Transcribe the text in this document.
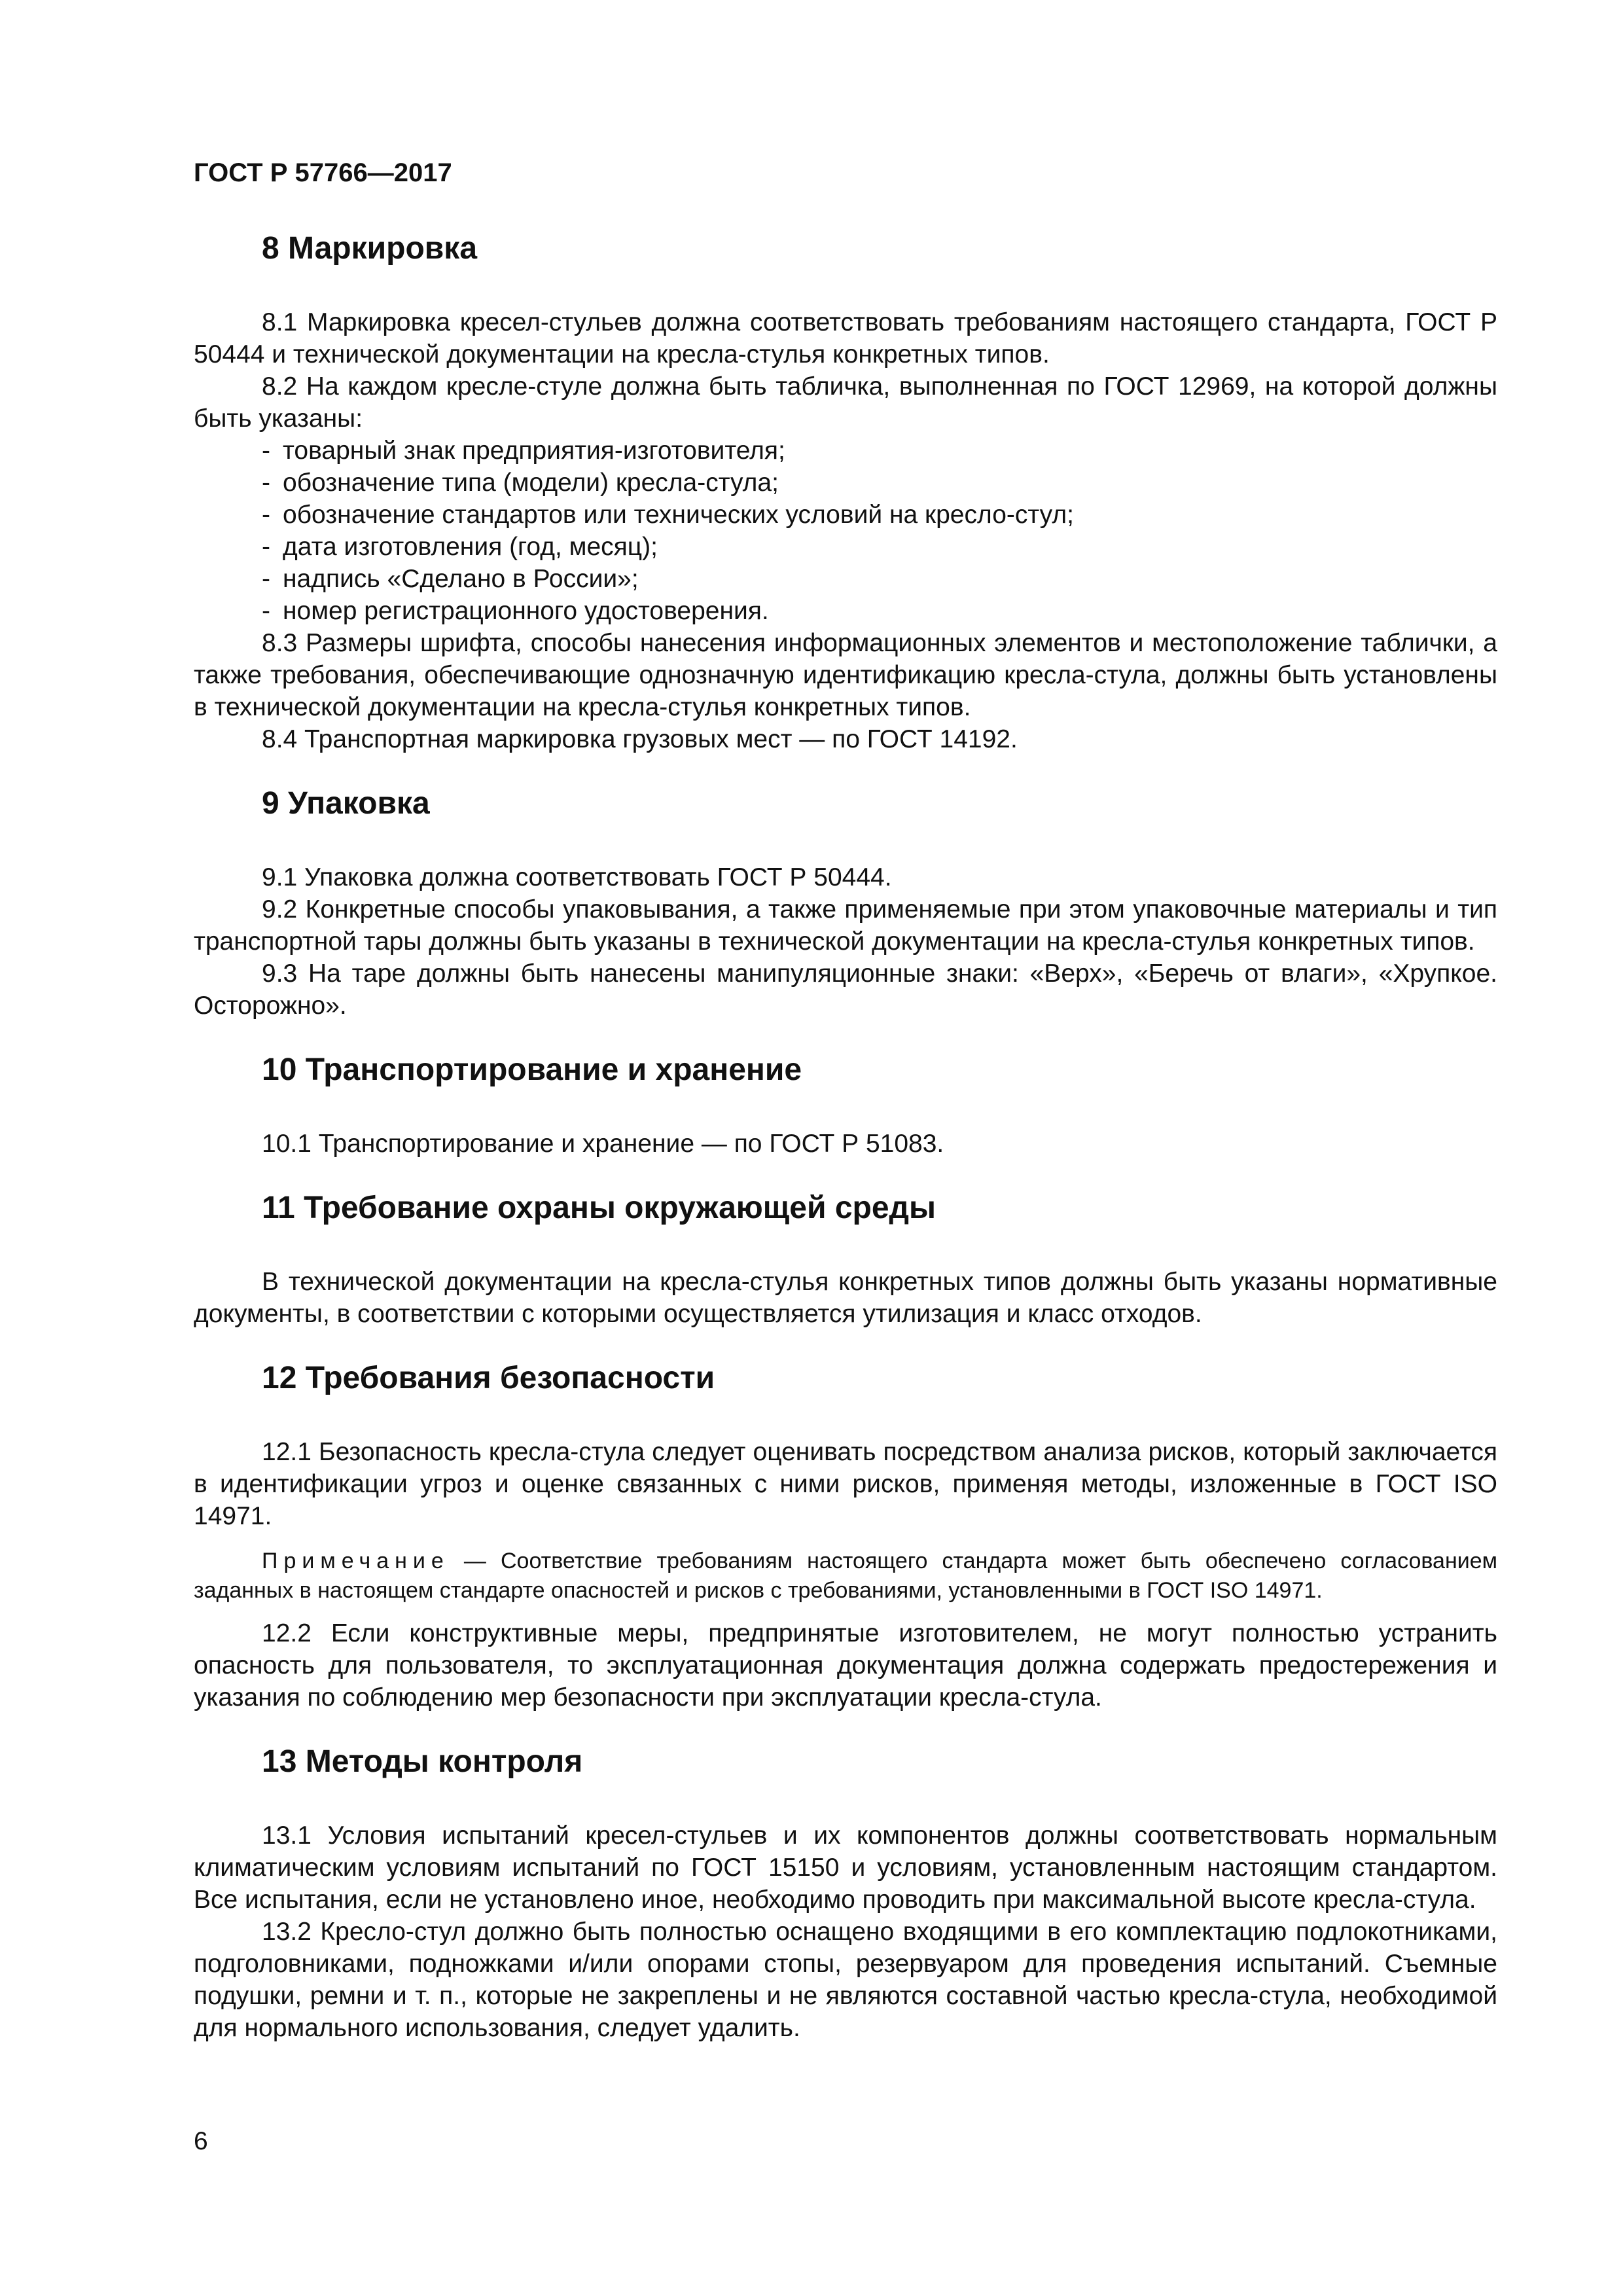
ГОСТ Р 57766—2017
8 Маркировка

8.1 Маркировка кресел-стульев должна соответствовать требованиям настоящего стандарта, ГОСТ Р 50444 и технической документации на кресла-стулья конкретных типов.

8.2 На каждом кресле-стуле должна быть табличка, выполненная по ГОСТ 12969, на которой должны быть указаны:

- товарный знак предприятия-изготовителя;
- обозначение типа (модели) кресла-стула;
- обозначение стандартов или технических условий на кресло-стул;
- дата изготовления (год, месяц);
- надпись «Сделано в России»;
- номер регистрационного удостоверения.

8.3 Размеры шрифта, способы нанесения информационных элементов и местоположение таблички, а также требования, обеспечивающие однозначную идентификацию кресла-стула, должны быть установлены в технической документации на кресла-стулья конкретных типов.

8.4 Транспортная маркировка грузовых мест — по ГОСТ 14192.

9 Упаковка

9.1 Упаковка должна соответствовать ГОСТ Р 50444.

9.2 Конкретные способы упаковывания, а также применяемые при этом упаковочные материалы и тип транспортной тары должны быть указаны в технической документации на кресла-стулья конкретных типов.

9.3 На таре должны быть нанесены манипуляционные знаки: «Верх», «Беречь от влаги», «Хрупкое. Осторожно».

10 Транспортирование и хранение

10.1 Транспортирование и хранение — по ГОСТ Р 51083.

11 Требование охраны окружающей среды

В технической документации на кресла-стулья конкретных типов должны быть указаны нормативные документы, в соответствии с которыми осуществляется утилизация и класс отходов.

12 Требования безопасности

12.1 Безопасность кресла-стула следует оценивать посредством анализа рисков, который заключается в идентификации угроз и оценке связанных с ними рисков, применяя методы, изложенные в ГОСТ ISO 14971.

Примечание — Соответствие требованиям настоящего стандарта может быть обеспечено согласованием заданных в настоящем стандарте опасностей и рисков с требованиями, установленными в ГОСТ ISO 14971.

12.2 Если конструктивные меры, предпринятые изготовителем, не могут полностью устранить опасность для пользователя, то эксплуатационная документация должна содержать предостережения и указания по соблюдению мер безопасности при эксплуатации кресла-стула.

13 Методы контроля

13.1 Условия испытаний кресел-стульев и их компонентов должны соответствовать нормальным климатическим условиям испытаний по ГОСТ 15150 и условиям, установленным настоящим стандартом. Все испытания, если не установлено иное, необходимо проводить при максимальной высоте кресла-стула.

13.2 Кресло-стул должно быть полностью оснащено входящими в его комплектацию подлокотниками, подголовниками, подножками и/или опорами стопы, резервуаром для проведения испытаний. Съемные подушки, ремни и т. п., которые не закреплены и не являются составной частью кресла-стула, необходимой для нормального использования, следует удалить.

6
